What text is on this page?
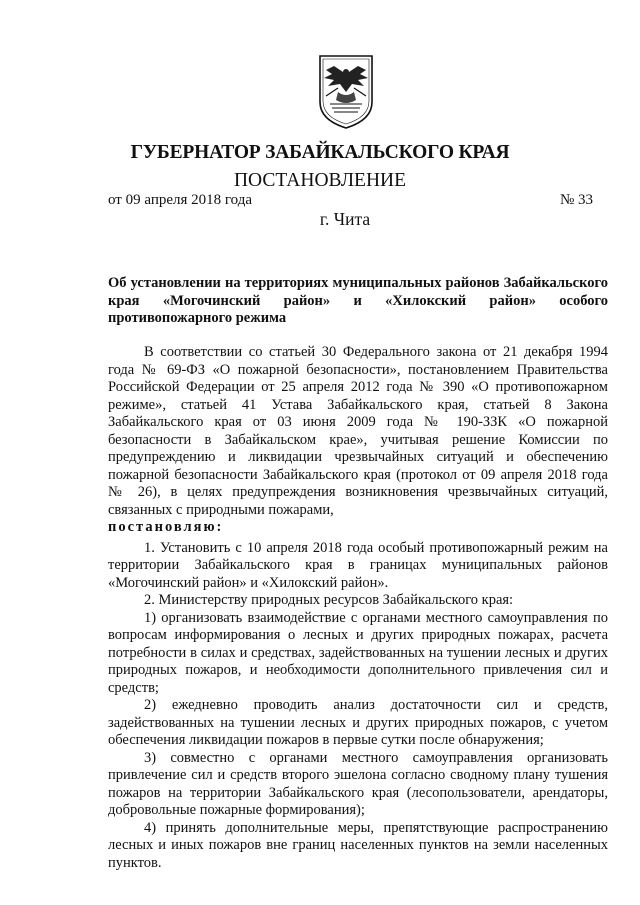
ГУБЕРНАТОР ЗАБАЙКАЛЬСКОГО КРАЯ
ПОСТАНОВЛЕНИЕ
от 09 апреля 2018 года	№ 33
г. Чита
Об установлении на территориях муниципальных районов Забайкальского края «Могочинский район» и «Хилокский район» особого противопожарного режима

В соответствии со статьей 30 Федерального закона от 21 декабря 1994 года № 69-ФЗ «О пожарной безопасности», постановлением Правительства Российской Федерации от 25 апреля 2012 года № 390 «О противопожарном режиме», статьей 41 Устава Забайкальского края, статьей 8 Закона Забайкальского края от 03 июня 2009 года № 190-ЗЗК «О пожарной безопасности в Забайкальском крае», учитывая решение Комиссии по предупреждению и ликвидации чрезвычайных ситуаций и обеспечению пожарной безопасности Забайкальского края (протокол от 09 апреля 2018 года № 26), в целях предупреждения возникновения чрезвычайных ситуаций, связанных с природными пожарами,
постановляю:

1. Установить с 10 апреля 2018 года особый противопожарный режим на территории Забайкальского края в границах муниципальных районов «Могочинский район» и «Хилокский район».

2. Министерству природных ресурсов Забайкальского края:

1) организовать взаимодействие с органами местного самоуправления по вопросам информирования о лесных и других природных пожарах, расчета потребности в силах и средствах, задействованных на тушении лесных и других природных пожаров, и необходимости дополнительного привлечения сил и средств;

2) ежедневно проводить анализ достаточности сил и средств, задействованных на тушении лесных и других природных пожаров, с учетом обеспечения ликвидации пожаров в первые сутки после обнаружения;

3) совместно с органами местного самоуправления организовать привлечение сил и средств второго эшелона согласно сводному плану тушения пожаров на территории Забайкальского края (лесопользователи, арендаторы, добровольные пожарные формирования);

4) принять дополнительные меры, препятствующие распространению лесных и иных пожаров вне границ населенных пунктов на земли населенных пунктов.
